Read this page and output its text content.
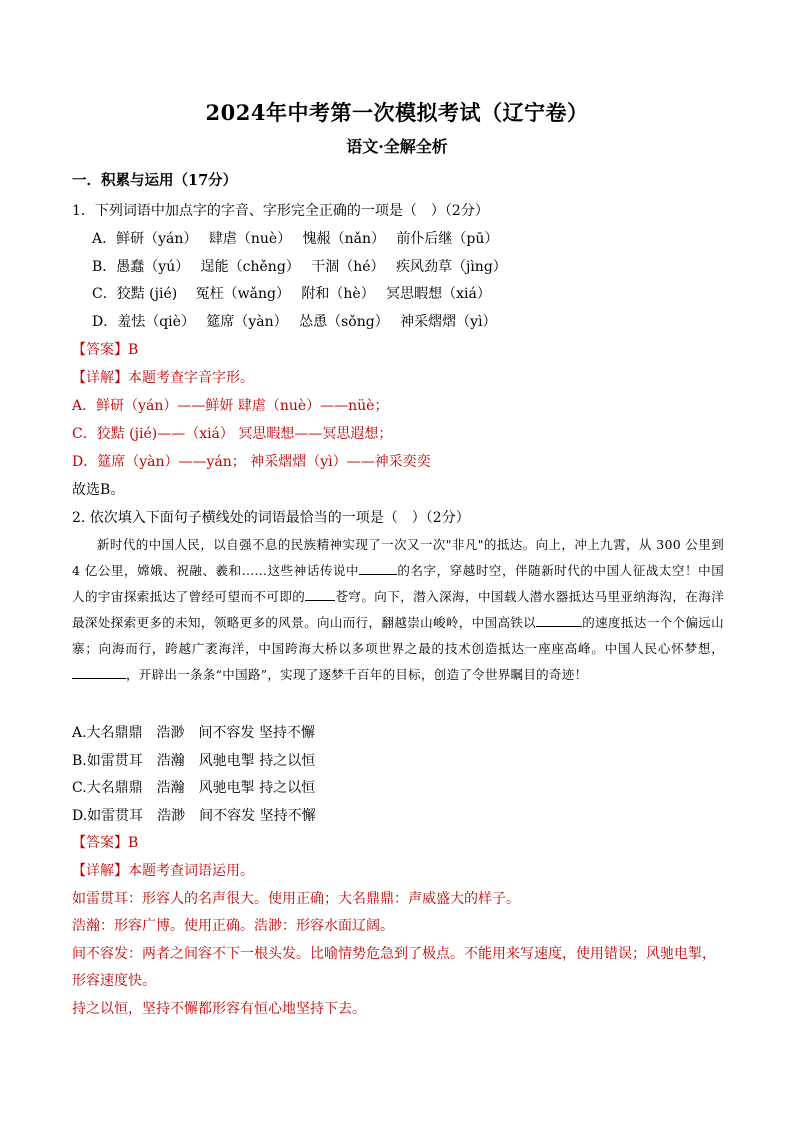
2024年中考第一次模拟考试（辽宁卷）
语文·全解全析
一．积累与运用（17分）
1．下列词语中加点字的字音、字形完全正确的一项是（　）（2分）
A．鲜研（yán）　 肆虐（nuè）　 愧赧（nǎn）　 前仆后继（pū）
B．愚蠢（yú）　 逞能（chěng）　 干涸（hé）　 疾风劲草（jìng）
C．狡黠 (jié)　 冤枉（wǎng）　 附和（hè）　 冥思暇想（xiá）
D．羞怯（qiè）　 筵席（yàn）　 怂恿（sǒng）　 神采熠熠（yì）
【答案】B
【详解】本题考查字音字形。
A．鲜研（yán）——鲜妍 肆虐（nuè）——nüè；
C．狡黠 (jié)——（xiá） 冥思暇想——冥思遐想；
D．筵席（yàn）——yán； 神采熠熠（yì）——神采奕奕
故选B。
2. 依次填入下面句子横线处的词语最恰当的一项是（　）（2分）

新时代的中国人民，以自强不息的民族精神实现了一次又一次"非凡"的抵达。向上，冲上九霄，从 300 公里到 4 亿公里，嫦娥、祝融、羲和……这些神话传说中	的名字，穿越时空，伴随新时代的中国人征战太空！中国人的宇宙探索抵达了曾经可望而不可即的 苍穹。向下，潜入深海，中国载人潜水器抵达马里亚纳海沟，在海洋最深处探索更多的未知，领略更多的风景。向山而行，翻越崇山峻岭，中国高铁以	的速度抵达一个个偏远山寨；向海而行，跨越广袤海洋，中国跨海大桥以多项世界之最的技术创造抵达一座座高峰。中国人民心怀梦想，，开辟出一条条“中国路”，实现了逐梦千百年的目标，创造了令世界瞩目的奇迹！

A.大名鼎鼎　浩渺　间不容发 坚持不懈
B.如雷贯耳　浩瀚　风驰电掣 持之以恒
C.大名鼎鼎　浩瀚　风驰电掣 持之以恒
D.如雷贯耳　浩渺　间不容发 坚持不懈
【答案】B
【详解】本题考查词语运用。
如雷贯耳：形容人的名声很大。使用正确；大名鼎鼎：声威盛大的样子。
浩瀚：形容广博。使用正确。浩渺：形容水面辽阔。
间不容发：两者之间容不下一根头发。比喻情势危急到了极点。不能用来写速度，使用错误；风驰电掣，
形容速度快。
持之以恒，坚持不懈都形容有恒心地坚持下去。
